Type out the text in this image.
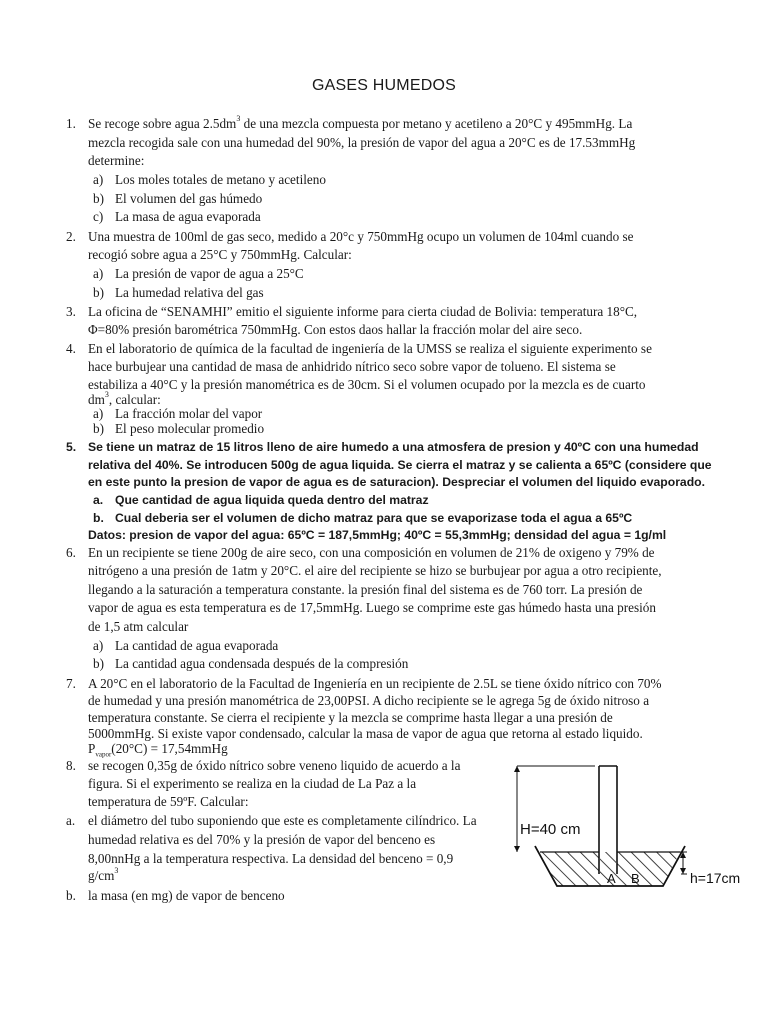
GASES HUMEDOS
1. Se recoge sobre agua $2.5dm^3$ de una mezcla compuesta por metano y acetileno a 20°C y 495mmHg. La
mezcla recogida sale con una humedad del 90%, la presión de vapor del agua a 20°C es de 17.53mmHg
determine:
a) Los moles totales de metano y acetileno
b) El volumen del gas húmedo
c) La masa de agua evaporada
2. Una muestra de 100ml de gas seco, medido a 20°c y 750mmHg ocupo un volumen de 104ml cuando se
recogió sobre agua a 25°C y 750mmHg. Calcular:
a) La presión de vapor de agua a 25°C
b) La humedad relativa del gas
3. La oficina de “SENAMHI” emitio el siguiente informe para cierta ciudad de Bolivia: temperatura 18°C,
Φ=80% presión barométrica 750mmHg. Con estos daos hallar la fracción molar del aire seco.
4. En el laboratorio de química de la facultad de ingeniería de la UMSS se realiza el siguiente experimento se
hace burbujear una cantidad de masa de anhidrido nítrico seco sobre vapor de tolueno. El sistema se
estabiliza a 40°C y la presión manométrica es de 30cm. Si el volumen ocupado por la mezcla es de cuarto
$dm^3$, calcular:
a) La fracción molar del vapor
b) El peso molecular promedio
5. Se tiene un matraz de 15 litros lleno de aire humedo a una atmosfera de presion y 40ºC con una humedad
relativa del 40%. Se introducen 500g de agua liquida. Se cierra el matraz y se calienta a 65ºC (considere que
en este punto la presion de vapor de agua es de saturacion). Despreciar el volumen del liquido evaporado.
a. Que cantidad de agua liquida queda dentro del matraz
b. Cual deberia ser el volumen de dicho matraz para que se evaporizase toda el agua a 65ºC
Datos: presion de vapor del agua: 65ºC = 187,5mmHg; 40ºC = 55,3mmHg; densidad del agua = 1g/ml
6. En un recipiente se tiene 200g de aire seco, con una composición en volumen de 21% de oxigeno y 79% de
nitrógeno a una presión de 1atm y 20°C. el aire del recipiente se hizo se burbujear por agua a otro recipiente,
llegando a la saturación a temperatura constante. la presión final del sistema es de 760 torr. La presión de
vapor de agua es esta temperatura es de 17,5mmHg. Luego se comprime este gas húmedo hasta una presión
de 1,5 atm calcular
a) La cantidad de agua evaporada
b) La cantidad agua condensada después de la compresión
7. A 20°C en el laboratorio de la Facultad de Ingeniería en un recipiente de 2.5L se tiene óxido nítrico con 70%
de humedad y una presión manométrica de 23,00PSI. A dicho recipiente se le agrega 5g de óxido nitroso a
temperatura constante. Se cierra el recipiente y la mezcla se comprime hasta llegar a una presión de
5000mmHg. Si existe vapor condensado, calcular la masa de vapor de agua que retorna al estado liquido.
$P_{vapor}(20^\circ C)$ = 17,54mmHg
8. se recogen 0,35g de óxido nítrico sobre veneno liquido de acuerdo a la
figura. Si el experimento se realiza en la ciudad de La Paz a la
temperatura de 59ºF. Calcular:
a. el diámetro del tubo suponiendo que este es completamente cilíndrico. La
humedad relativa es del 70% y la presión de vapor del benceno es
8,00nnHg a la temperatura respectiva. La densidad del benceno = 0,9
$g/cm^3$
b. la masa (en mg) de vapor de benceno
H=40 cm
A B	h=17cm
